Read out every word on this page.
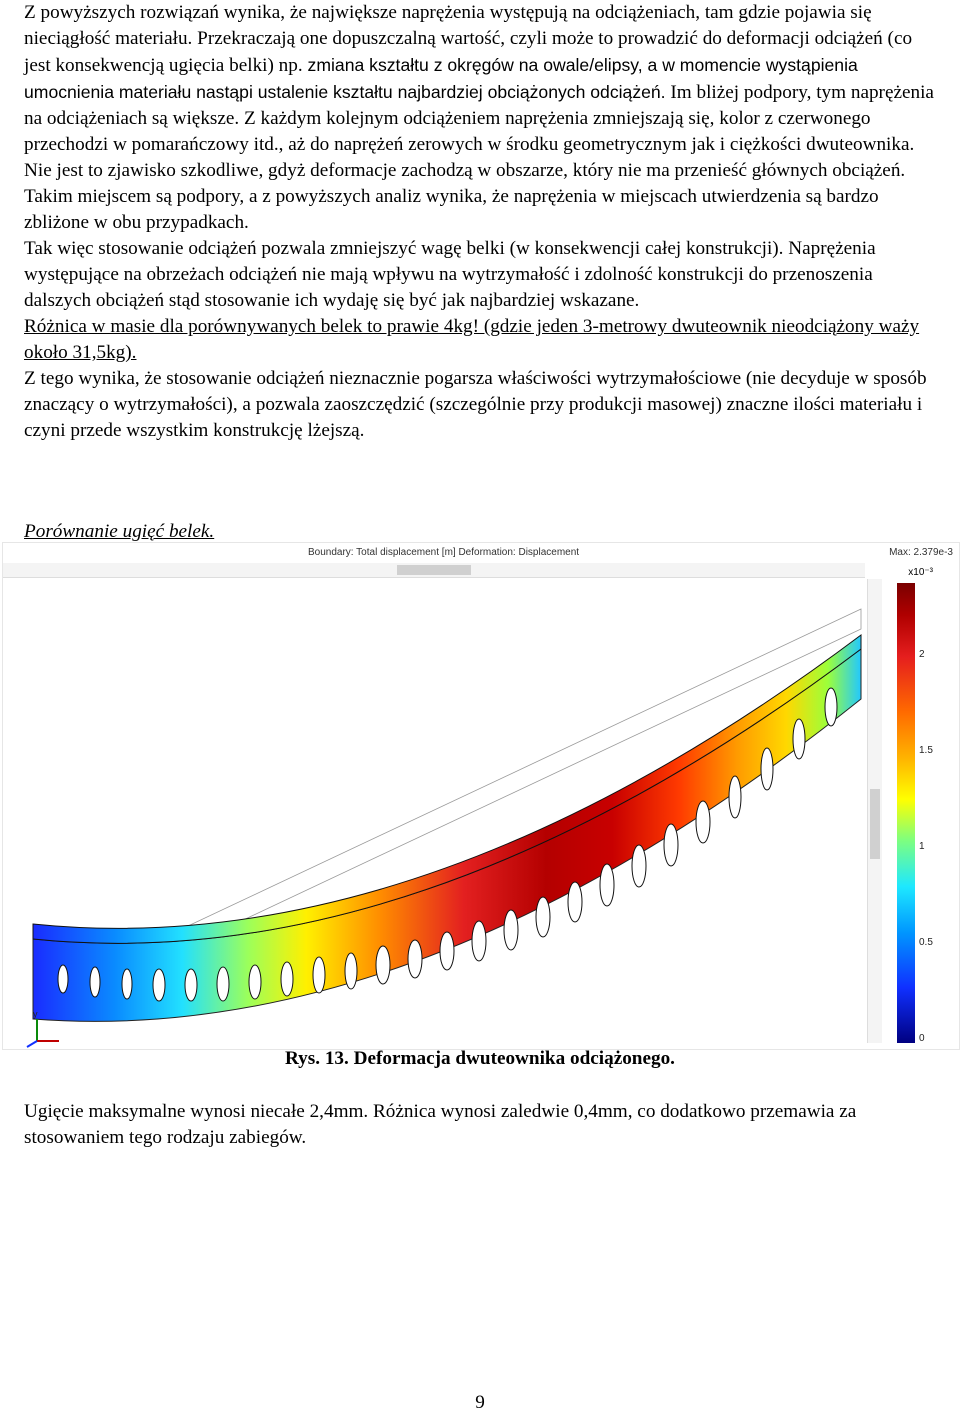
Z powyższych rozwiązań wynika, że największe naprężenia występują na odciążeniach, tam gdzie pojawia się nieciągłość materiału. Przekraczają one dopuszczalną wartość, czyli może to prowadzić do deformacji odciążeń (co jest konsekwencją ugięcia belki) np. zmiana kształtu z okręgów na owale/elipsy, a w momencie wystąpienia umocnienia materiału nastąpi ustalenie kształtu najbardziej obciążonych odciążeń. Im bliżej podpory, tym naprężenia na odciążeniach są większe. Z każdym kolejnym odciążeniem naprężenia zmniejszają się, kolor z czerwonego przechodzi w pomarańczowy itd., aż do naprężeń zerowych w środku geometrycznym jak i ciężkości dwuteownika. Nie jest to zjawisko szkodliwe, gdyż deformacje zachodzą w obszarze, który nie ma przenieść głównych obciążeń. Takim miejscem są podpory, a z powyższych analiz wynika, że naprężenia w miejscach utwierdzenia są bardzo zbliżone w obu przypadkach.

Tak więc stosowanie odciążeń pozwala zmniejszyć wagę belki (w konsekwencji całej konstrukcji). Naprężenia występujące na obrzeżach odciążeń nie mają wpływu na wytrzymałość i zdolność konstrukcji do przenoszenia dalszych obciążeń stąd stosowanie ich wydaję się być jak najbardziej wskazane.

Różnica w masie dla porównywanych belek to prawie 4kg! (gdzie jeden 3-metrowy dwuteownik nieodciążony waży około 31,5kg).

Z tego wynika, że stosowanie odciążeń nieznacznie pogarsza właściwości wytrzymałościowe (nie decyduje w sposób znaczący o wytrzymałości), a pozwala zaoszczędzić (szczególnie przy produkcji masowej) znaczne ilości materiału i czyni przede wszystkim konstrukcję lżejszą.

Porównanie ugięć belek.
Boundary: Total displacement [m] Deformation: Displacement	Max: 2.379e-3
y
x10⁻³
2
1.5
1
0.5
0
Rys. 13. Deformacja dwuteownika odciążonego.

Ugięcie maksymalne wynosi niecałe 2,4mm. Różnica wynosi zaledwie 0,4mm, co dodatkowo przemawia za stosowaniem tego rodzaju zabiegów.

9
